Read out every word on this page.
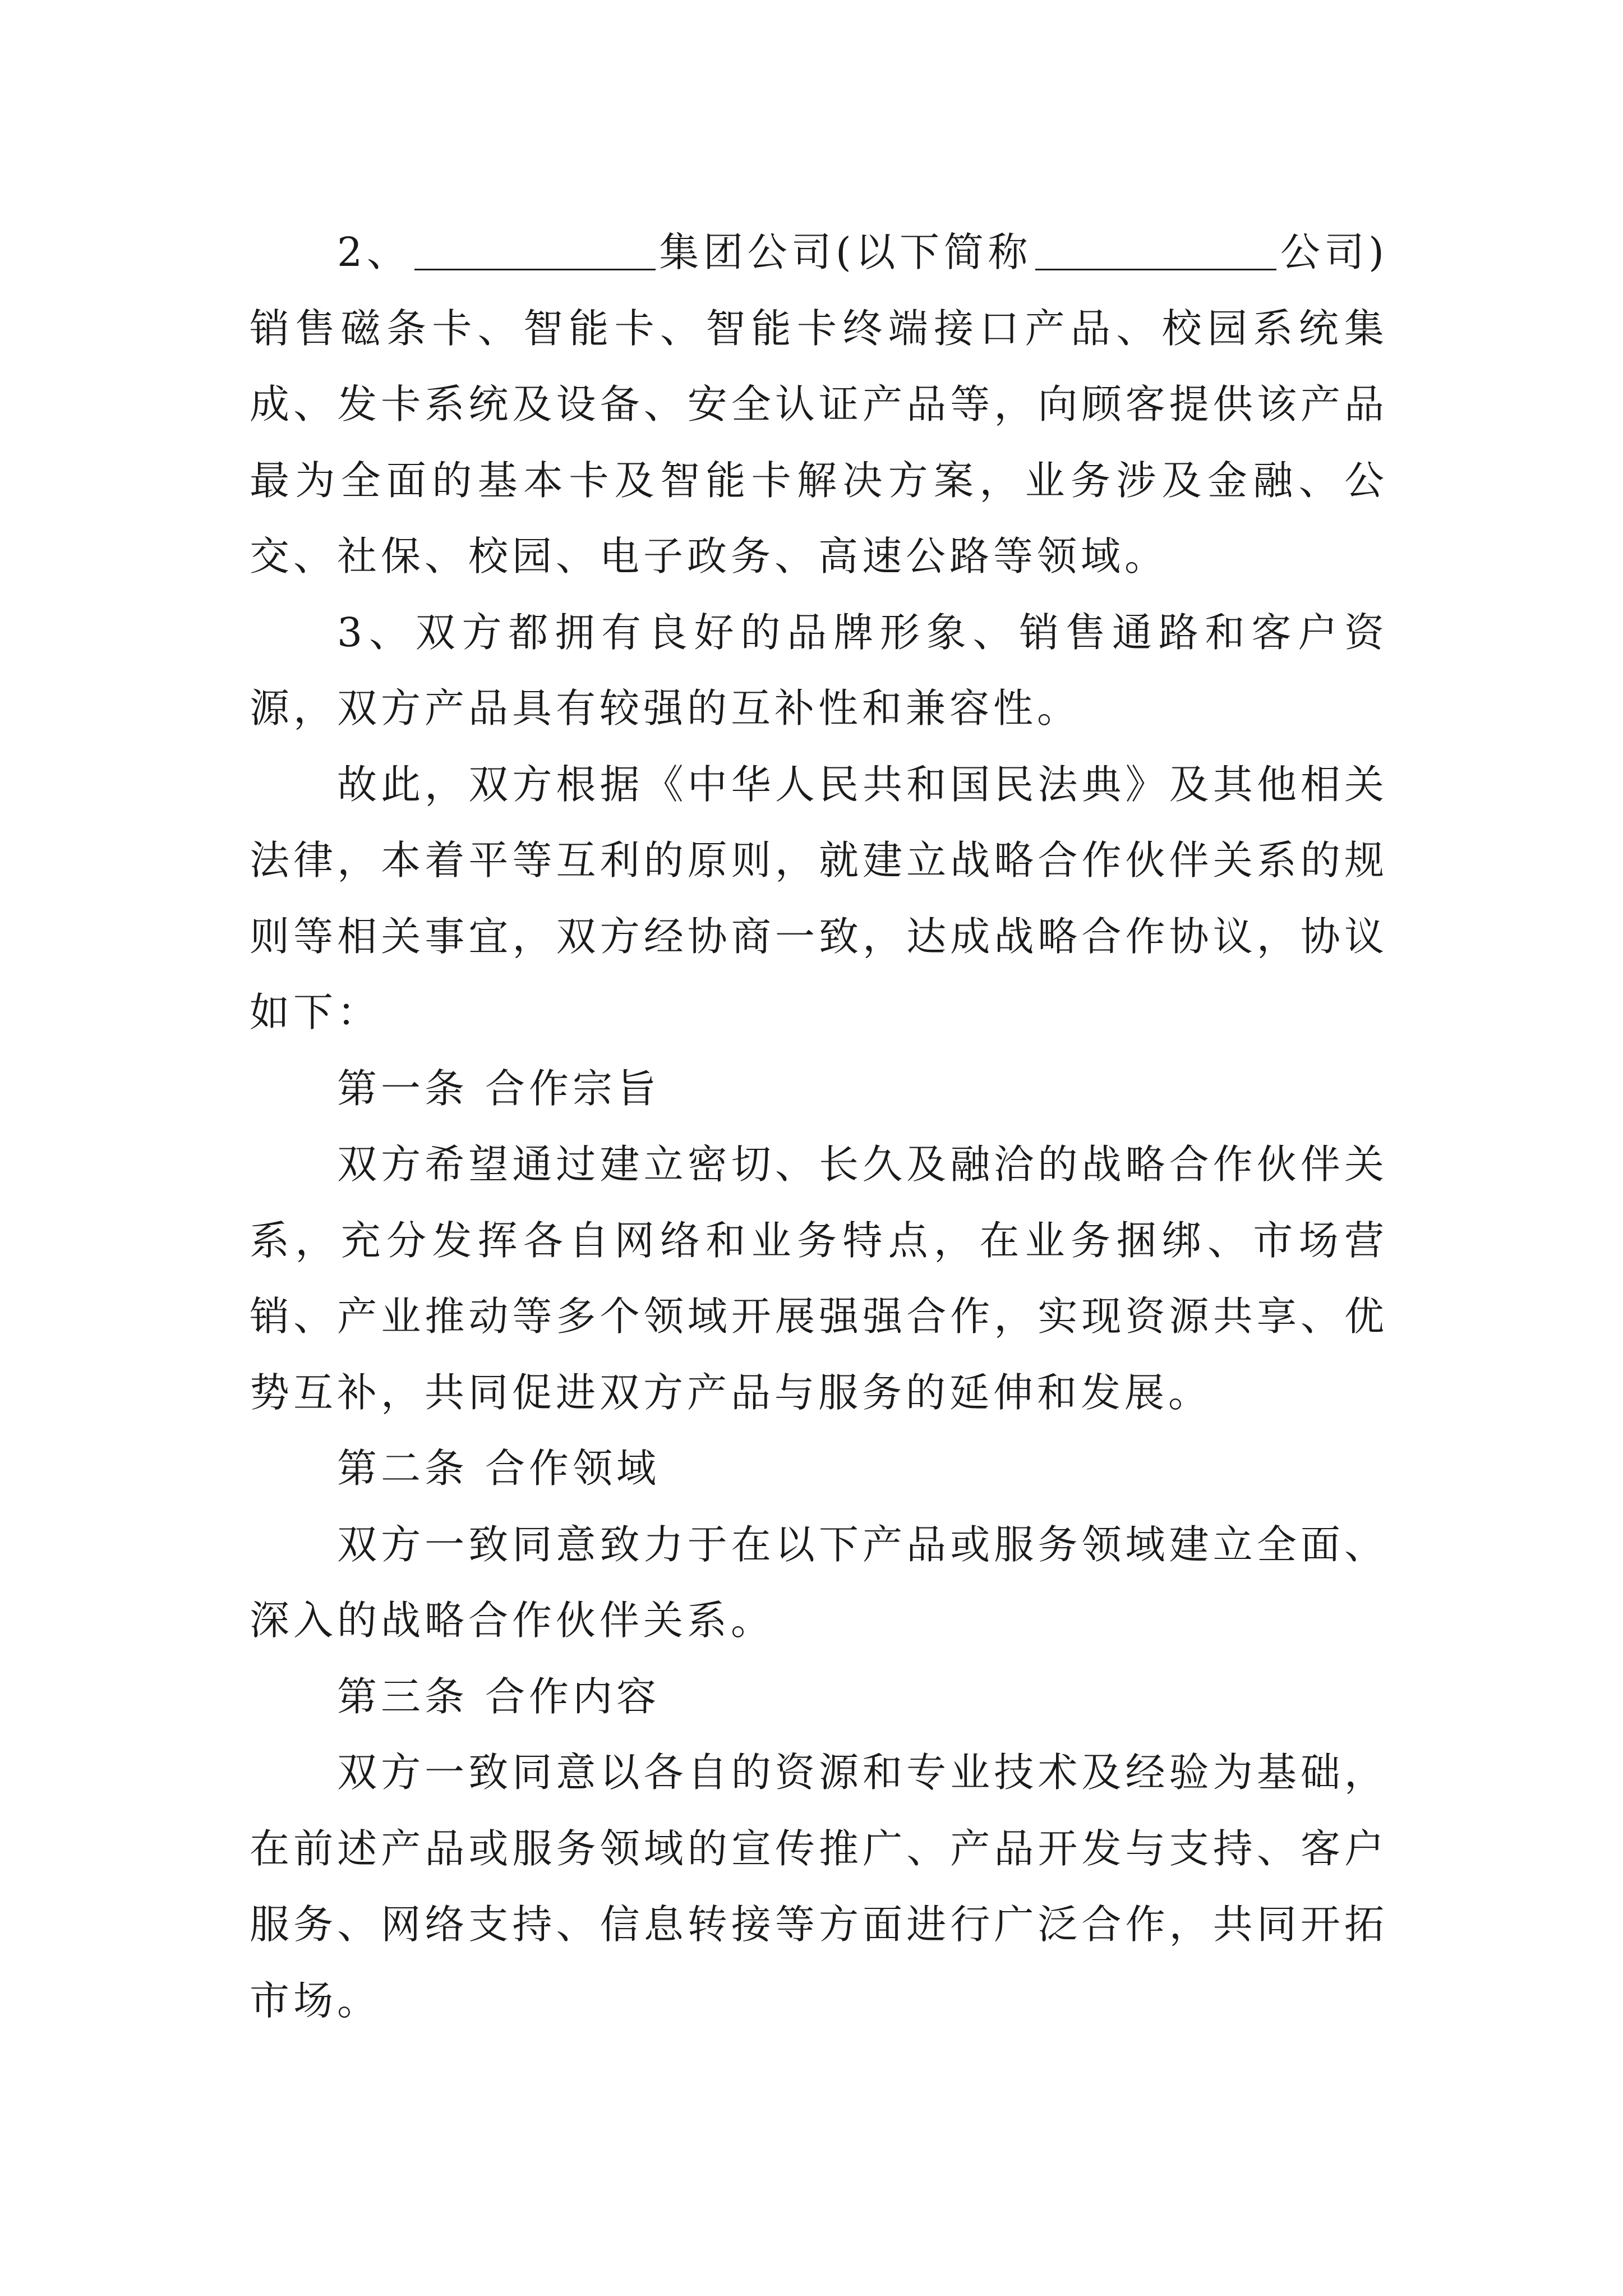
2、	集团公司(以下简称	公司)销售磁条卡、智能卡、智能卡终端接口产品、校园系统集成、发卡系统及设备、安全认证产品等，向顾客提供该产品最为全面的基本卡及智能卡解决方案，业务涉及金融、公交、社保、校园、电子政务、高速公路等领域。

3、双方都拥有良好的品牌形象、销售通路和客户资源，双方产品具有较强的互补性和兼容性。

故此，双方根据《中华人民共和国民法典》及其他相关法律，本着平等互利的原则，就建立战略合作伙伴关系的规则等相关事宜，双方经协商一致，达成战略合作协议，协议如下：

第一条 合作宗旨

双方希望通过建立密切、长久及融洽的战略合作伙伴关系，充分发挥各自网络和业务特点，在业务捆绑、市场营销、产业推动等多个领域开展强强合作，实现资源共享、优势互补，共同促进双方产品与服务的延伸和发展。

第二条 合作领域

双方一致同意致力于在以下产品或服务领域建立全面、深入的战略合作伙伴关系。

第三条 合作内容

双方一致同意以各自的资源和专业技术及经验为基础，在前述产品或服务领域的宣传推广、产品开发与支持、客户服务、网络支持、信息转接等方面进行广泛合作，共同开拓市场。
